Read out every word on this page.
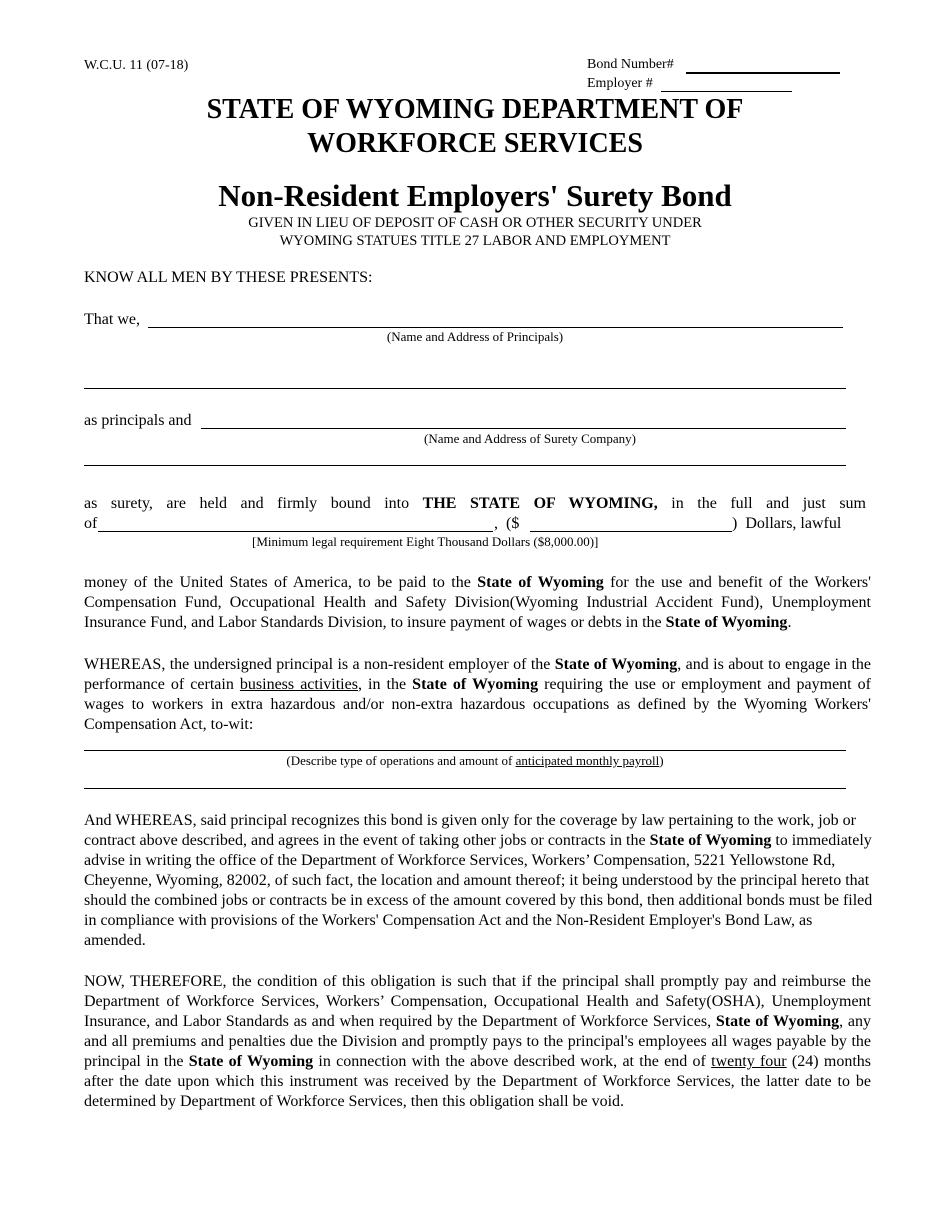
W.C.U. 11 (07-18)	Bond Number#
Employer #
STATE OF WYOMING DEPARTMENT OF
WORKFORCE SERVICES
Non-Resident Employers' Surety Bond
GIVEN IN LIEU OF DEPOSIT OF CASH OR OTHER SECURITY UNDER
WYOMING STATUES TITLE 27 LABOR AND EMPLOYMENT
KNOW ALL MEN BY THESE PRESENTS:
That we,
(Name and Address of Principals)
as principals and
(Name and Address of Surety Company)
as surety, are held and firmly bound into THE STATE OF WYOMING, in the full and just sum
of	,  ($	)  Dollars, lawful
[Minimum legal requirement Eight Thousand Dollars ($8,000.00)]
money of the United States of America, to be paid to the State of Wyoming for the use and benefit of the Workers' Compensation Fund, Occupational Health and Safety Division(Wyoming Industrial Accident Fund), Unemployment Insurance Fund, and Labor Standards Division, to insure payment of wages or debts in the State of Wyoming.
WHEREAS, the undersigned principal is a non-resident employer of the State of Wyoming, and is about to engage in the performance of certain business activities, in the State of Wyoming requiring the use or employment and payment of wages to workers in extra hazardous and/or non-extra hazardous occupations as defined by the Wyoming Workers' Compensation Act, to-wit:
(Describe type of operations and amount of anticipated monthly payroll)
And WHEREAS, said principal recognizes this bond is given only for the coverage by law pertaining to the work, job or contract above described, and agrees in the event of taking other jobs or contracts in the State of Wyoming to immediately advise in writing the office of the Department of Workforce Services, Workers’ Compensation, 5221 Yellowstone Rd, Cheyenne, Wyoming, 82002, of such fact, the location and amount thereof; it being understood by the principal hereto that should the combined jobs or contracts be in excess of the amount covered by this bond, then additional bonds must be filed in compliance with provisions of the Workers' Compensation Act and the Non-Resident Employer's Bond Law, as amended.
NOW, THEREFORE, the condition of this obligation is such that if the principal shall promptly pay and reimburse the Department of Workforce Services, Workers’ Compensation, Occupational Health and Safety(OSHA), Unemployment Insurance, and Labor Standards as and when required by the Department of Workforce Services, State of Wyoming, any and all premiums and penalties due the Division and promptly pays to the principal's employees all wages payable by the principal in the State of Wyoming in connection with the above described work, at the end of twenty four (24) months after the date upon which this instrument was received by the Department of Workforce Services, the latter date to be determined by Department of Workforce Services, then this obligation shall be void.
